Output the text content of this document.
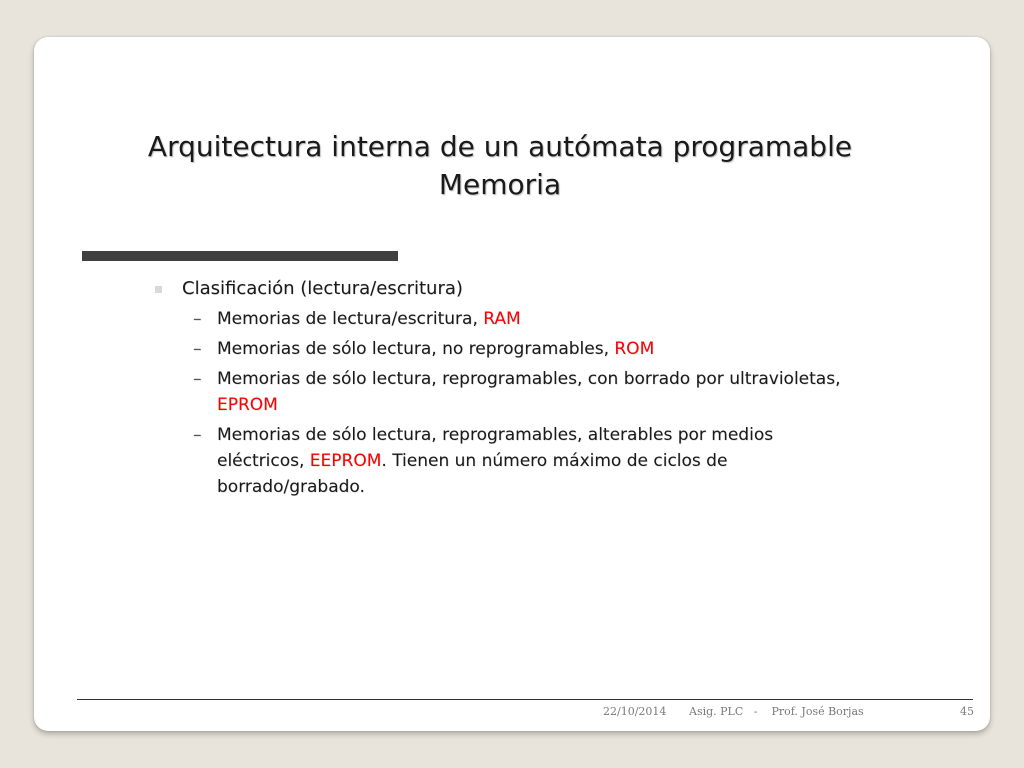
Arquitectura interna de un autómata programable
Memoria
Clasificación (lectura/escritura)
– Memorias de lectura/escritura, RAM
– Memorias de sólo lectura, no reprogramables, ROM
– Memorias de sólo lectura, reprogramables, con borrado por ultravioletas, EPROM
– Memorias de sólo lectura, reprogramables, alterables por medios eléctricos, EEPROM. Tienen un número máximo de ciclos de borrado/grabado.
22/10/2014 Asig. PLC   -    Prof. José Borjas	45
